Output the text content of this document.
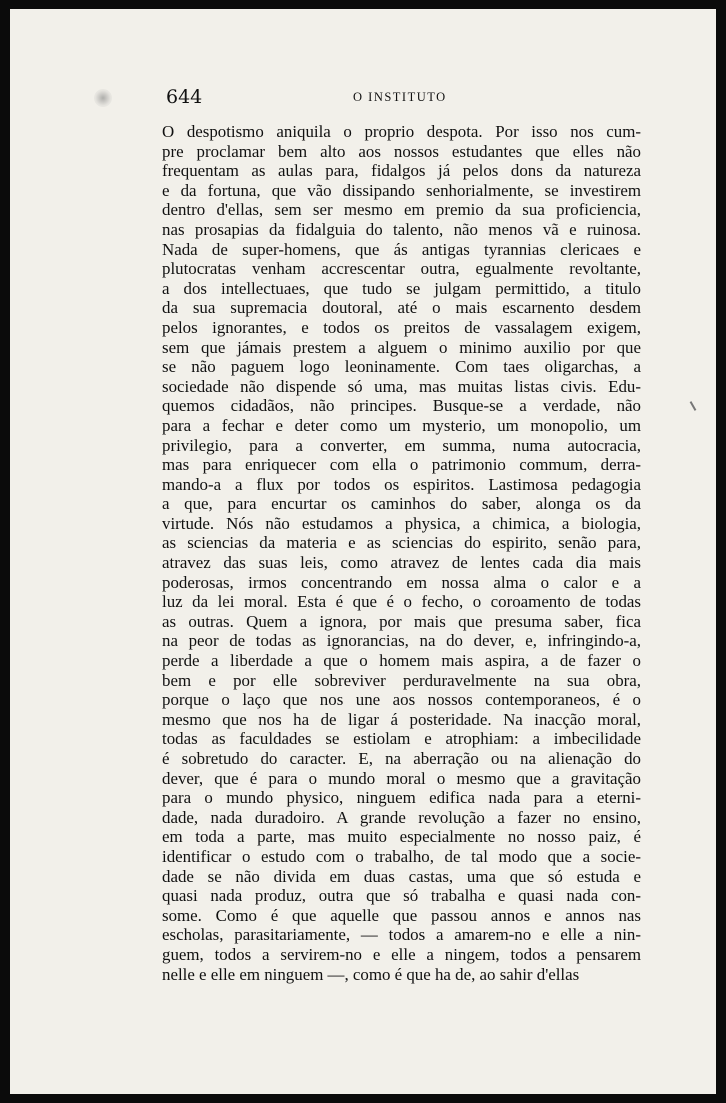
644	O INSTITUTO
O despotismo aniquila o proprio despota. Por isso nos cum-
pre proclamar bem alto aos nossos estudantes que elles não
frequentam as aulas para, fidalgos já pelos dons da natureza
e da fortuna, que vão dissipando senhorialmente, se investirem
dentro d'ellas, sem ser mesmo em premio da sua proficiencia,
nas prosapias da fidalguia do talento, não menos vã e ruinosa.
Nada de super-homens, que ás antigas tyrannias clericaes e
plutocratas venham accrescentar outra, egualmente revoltante,
a dos intellectuaes, que tudo se julgam permittido, a titulo
da sua supremacia doutoral, até o mais escarnento desdem
pelos ignorantes, e todos os preitos de vassalagem exigem,
sem que jámais prestem a alguem o minimo auxilio por que
se não paguem logo leoninamente. Com taes oligarchas, a
sociedade não dispende só uma, mas muitas listas civis. Edu-
quemos cidadãos, não principes. Busque-se a verdade, não
para a fechar e deter como um mysterio, um monopolio, um
privilegio, para a converter, em summa, numa autocracia,
mas para enriquecer com ella o patrimonio commum, derra-
mando-a a flux por todos os espiritos. Lastimosa pedagogia
a que, para encurtar os caminhos do saber, alonga os da
virtude. Nós não estudamos a physica, a chimica, a biologia,
as sciencias da materia e as sciencias do espirito, senão para,
atravez das suas leis, como atravez de lentes cada dia mais
poderosas, irmos concentrando em nossa alma o calor e a
luz da lei moral. Esta é que é o fecho, o coroamento de todas
as outras. Quem a ignora, por mais que presuma saber, fica
na peor de todas as ignorancias, na do dever, e, infringindo-a,
perde a liberdade a que o homem mais aspira, a de fazer o
bem e por elle sobreviver perduravelmente na sua obra,
porque o laço que nos une aos nossos contemporaneos, é o
mesmo que nos ha de ligar á posteridade. Na inacção moral,
todas as faculdades se estiolam e atrophiam: a imbecilidade
é sobretudo do caracter. E, na aberração ou na alienação do
dever, que é para o mundo moral o mesmo que a gravitação
para o mundo physico, ninguem edifica nada para a eterni-
dade, nada duradoiro. A grande revolução a fazer no ensino,
em toda a parte, mas muito especialmente no nosso paiz, é
identificar o estudo com o trabalho, de tal modo que a socie-
dade se não divida em duas castas, uma que só estuda e
quasi nada produz, outra que só trabalha e quasi nada con-
some. Como é que aquelle que passou annos e annos nas
escholas, parasitariamente, — todos a amarem-no e elle a nin-
guem, todos a servirem-no e elle a ningem, todos a pensarem
nelle e elle em ninguem —, como é que ha de, ao sahir d'ellas
